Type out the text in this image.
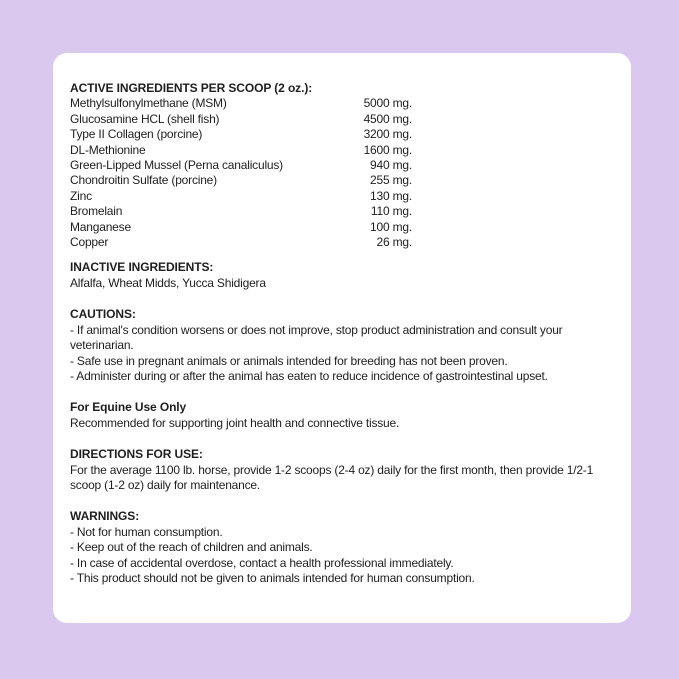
ACTIVE INGREDIENTS PER SCOOP (2 oz.):
Methylsulfonylmethane (MSM)	5000 mg.
Glucosamine HCL (shell fish)	4500 mg.
Type II Collagen (porcine)	3200 mg.
DL-Methionine	1600 mg.
Green-Lipped Mussel (Perna canaliculus)	940 mg.
Chondroitin Sulfate (porcine)	255 mg.
Zinc	130 mg.
Bromelain	110 mg.
Manganese	100 mg.
Copper	26 mg.
INACTIVE INGREDIENTS:

Alfalfa, Wheat Midds, Yucca Shidigera

CAUTIONS:

- If animal's condition worsens or does not improve, stop product administration and consult your veterinarian.

- Safe use in pregnant animals or animals intended for breeding has not been proven.

- Administer during or after the animal has eaten to reduce incidence of gastrointestinal upset.

For Equine Use Only

Recommended for supporting joint health and connective tissue.

DIRECTIONS FOR USE:

For the average 1100 lb. horse, provide 1-2 scoops (2-4 oz) daily for the first month, then provide 1/2-1 scoop (1-2 oz) daily for maintenance.

WARNINGS:

- Not for human consumption.

- Keep out of the reach of children and animals.

- In case of accidental overdose, contact a health professional immediately.

- This product should not be given to animals intended for human consumption.
